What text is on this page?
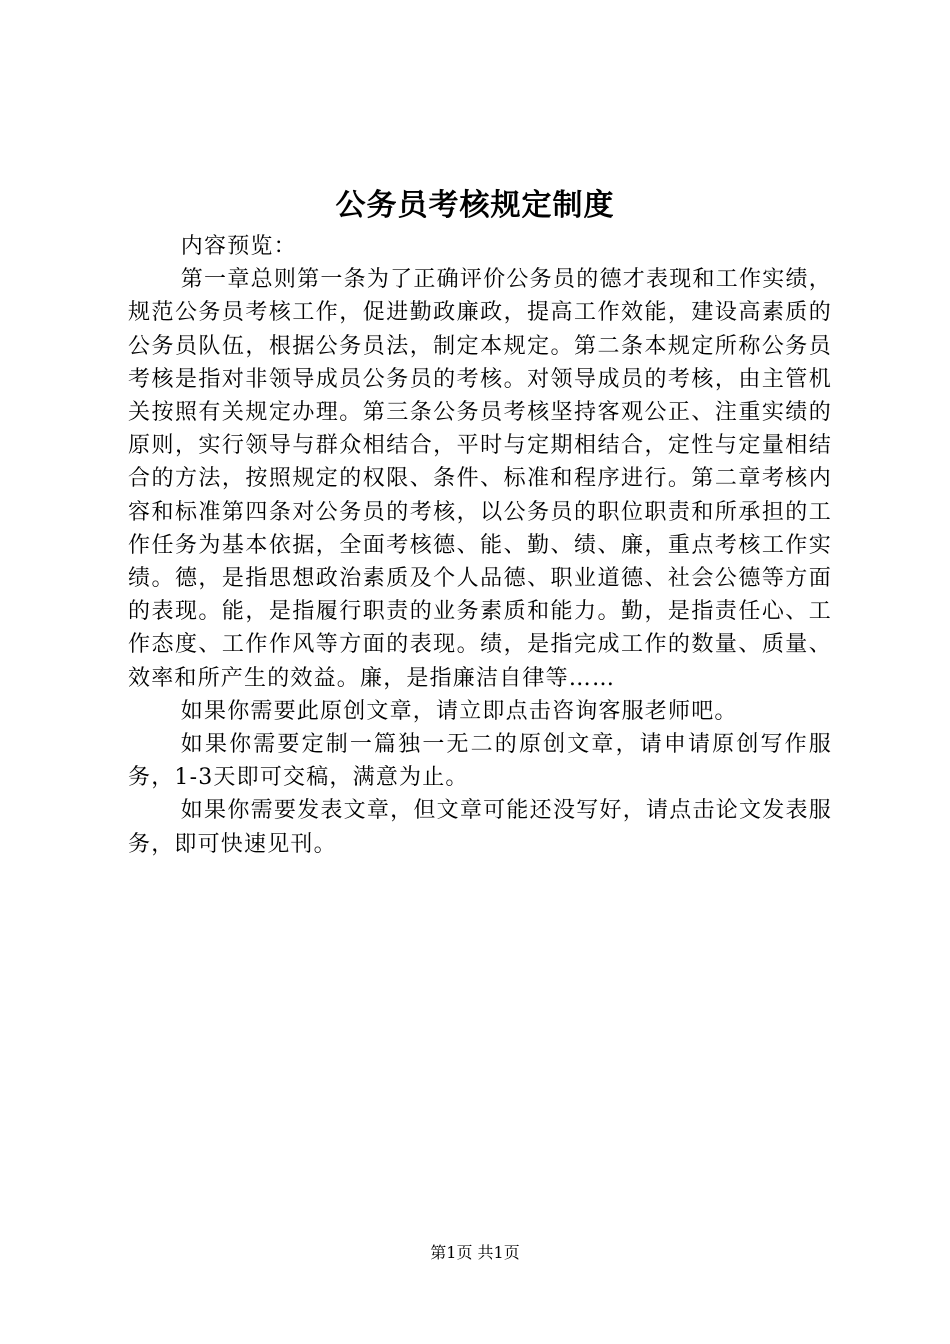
公务员考核规定制度

内容预览：

第一章总则第一条为了正确评价公务员的德才表现和工作实绩，规范公务员考核工作，促进勤政廉政，提高工作效能，建设高素质的公务员队伍，根据公务员法，制定本规定。第二条本规定所称公务员考核是指对非领导成员公务员的考核。对领导成员的考核，由主管机关按照有关规定办理。第三条公务员考核坚持客观公正、注重实绩的原则，实行领导与群众相结合，平时与定期相结合，定性与定量相结合的方法，按照规定的权限、条件、标准和程序进行。第二章考核内容和标准第四条对公务员的考核，以公务员的职位职责和所承担的工作任务为基本依据，全面考核德、能、勤、绩、廉，重点考核工作实绩。德，是指思想政治素质及个人品德、职业道德、社会公德等方面的表现。能，是指履行职责的业务素质和能力。勤，是指责任心、工作态度、工作作风等方面的表现。绩，是指完成工作的数量、质量、效率和所产生的效益。廉，是指廉洁自律等……

如果你需要此原创文章，请立即点击咨询客服老师吧。

如果你需要定制一篇独一无二的原创文章，请申请原创写作服务，1-3天即可交稿，满意为止。

如果你需要发表文章，但文章可能还没写好，请点击论文发表服务，即可快速见刊。

第1页 共1页
